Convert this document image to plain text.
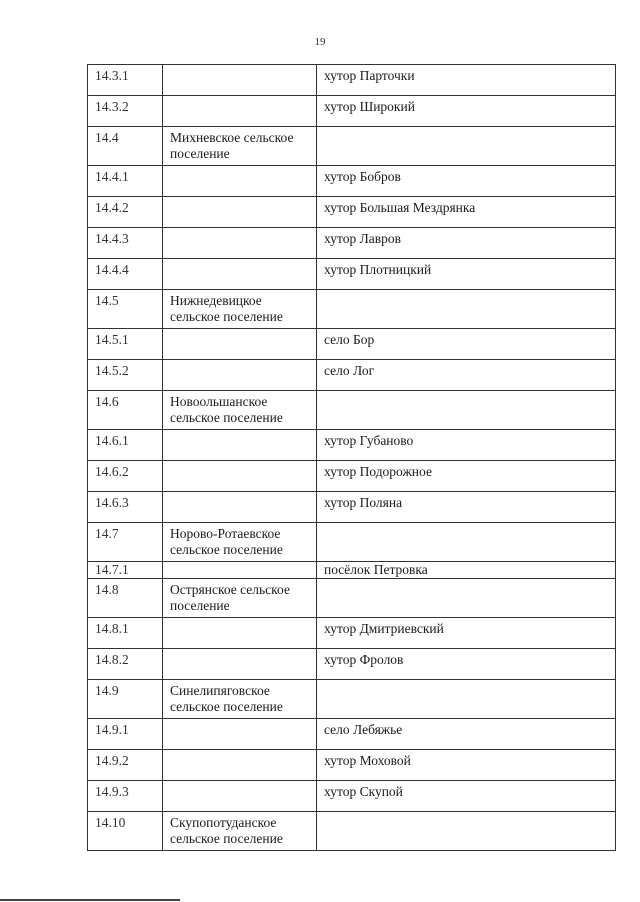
19
14.3.1		хутор Парточки
14.3.2		хутор Широкий
14.4	Михневское сельское поселение	
14.4.1		хутор Бобров
14.4.2		хутор Большая Мездрянка
14.4.3		хутор Лавров
14.4.4		хутор Плотницкий
14.5	Нижнедевицкое сельское поселение	
14.5.1		село Бор
14.5.2		село Лог
14.6	Новоольшанское сельское поселение	
14.6.1		хутор Губаново
14.6.2		хутор Подорожное
14.6.3		хутор Поляна
14.7	Норово-Ротаевское сельское поселение	
14.7.1		посёлок Петровка
14.8	Острянское сельское поселение	
14.8.1		хутор Дмитриевский
14.8.2		хутор Фролов
14.9	Синелипяговское сельское поселение	
14.9.1		село Лебяжье
14.9.2		хутор Моховой
14.9.3		хутор Скупой
14.10	Скупопотуданское сельское поселение	
